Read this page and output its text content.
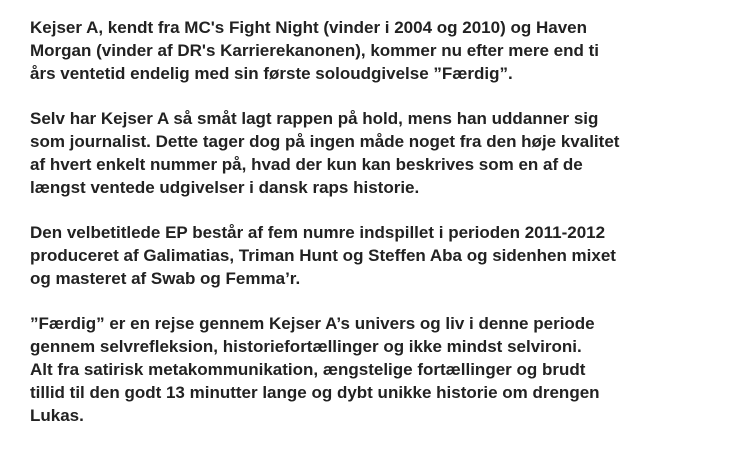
Kejser A, kendt fra MC's Fight Night (vinder i 2004 og 2010) og Haven
Morgan (vinder af DR's Karrierekanonen), kommer nu efter mere end ti
års ventetid endelig med sin første soloudgivelse ”Færdig”.

Selv har Kejser A så småt lagt rappen på hold, mens han uddanner sig
som journalist. Dette tager dog på ingen måde noget fra den høje kvalitet
af hvert enkelt nummer på, hvad der kun kan beskrives som en af de
længst ventede udgivelser i dansk raps historie.

Den velbetitlede EP består af fem numre indspillet i perioden 2011-2012
produceret af Galimatias, Triman Hunt og Steffen Aba og sidenhen mixet
og masteret af Swab og Femma’r.

”Færdig” er en rejse gennem Kejser A’s univers og liv i denne periode
gennem selvrefleksion, historiefortællinger og ikke mindst selvironi.
Alt fra satirisk metakommunikation, ængstelige fortællinger og brudt
tillid til den godt 13 minutter lange og dybt unikke historie om drengen
Lukas.
